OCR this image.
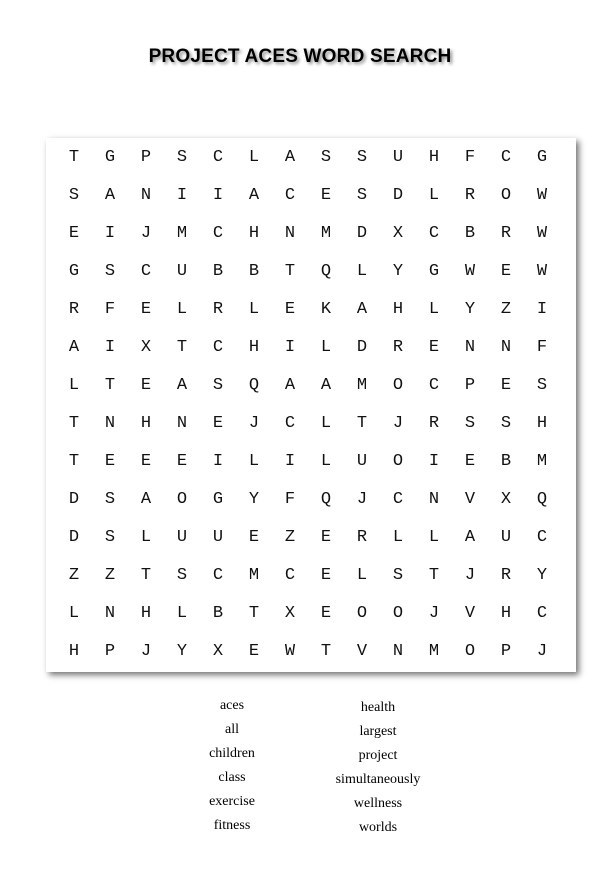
PROJECT ACES WORD SEARCH
T	G	P	S	C	L	A	S	S	U	H	F	C	G
S	A	N	I	I	A	C	E	S	D	L	R	O	W
E	I	J	M	C	H	N	M	D	X	C	B	R	W
G	S	C	U	B	B	T	Q	L	Y	G	W	E	W
R	F	E	L	R	L	E	K	A	H	L	Y	Z	I
A	I	X	T	C	H	I	L	D	R	E	N	N	F
L	T	E	A	S	Q	A	A	M	O	C	P	E	S
T	N	H	N	E	J	C	L	T	J	R	S	S	H
T	E	E	E	I	L	I	L	U	O	I	E	B	M
D	S	A	O	G	Y	F	Q	J	C	N	V	X	Q
D	S	L	U	U	E	Z	E	R	L	L	A	U	C
Z	Z	T	S	C	M	C	E	L	S	T	J	R	Y
L	N	H	L	B	T	X	E	O	O	J	V	H	C
H	P	J	Y	X	E	W	T	V	N	M	O	P	J
aces
all
children
class
exercise
fitness
health
largest
project
simultaneously
wellness
worlds
